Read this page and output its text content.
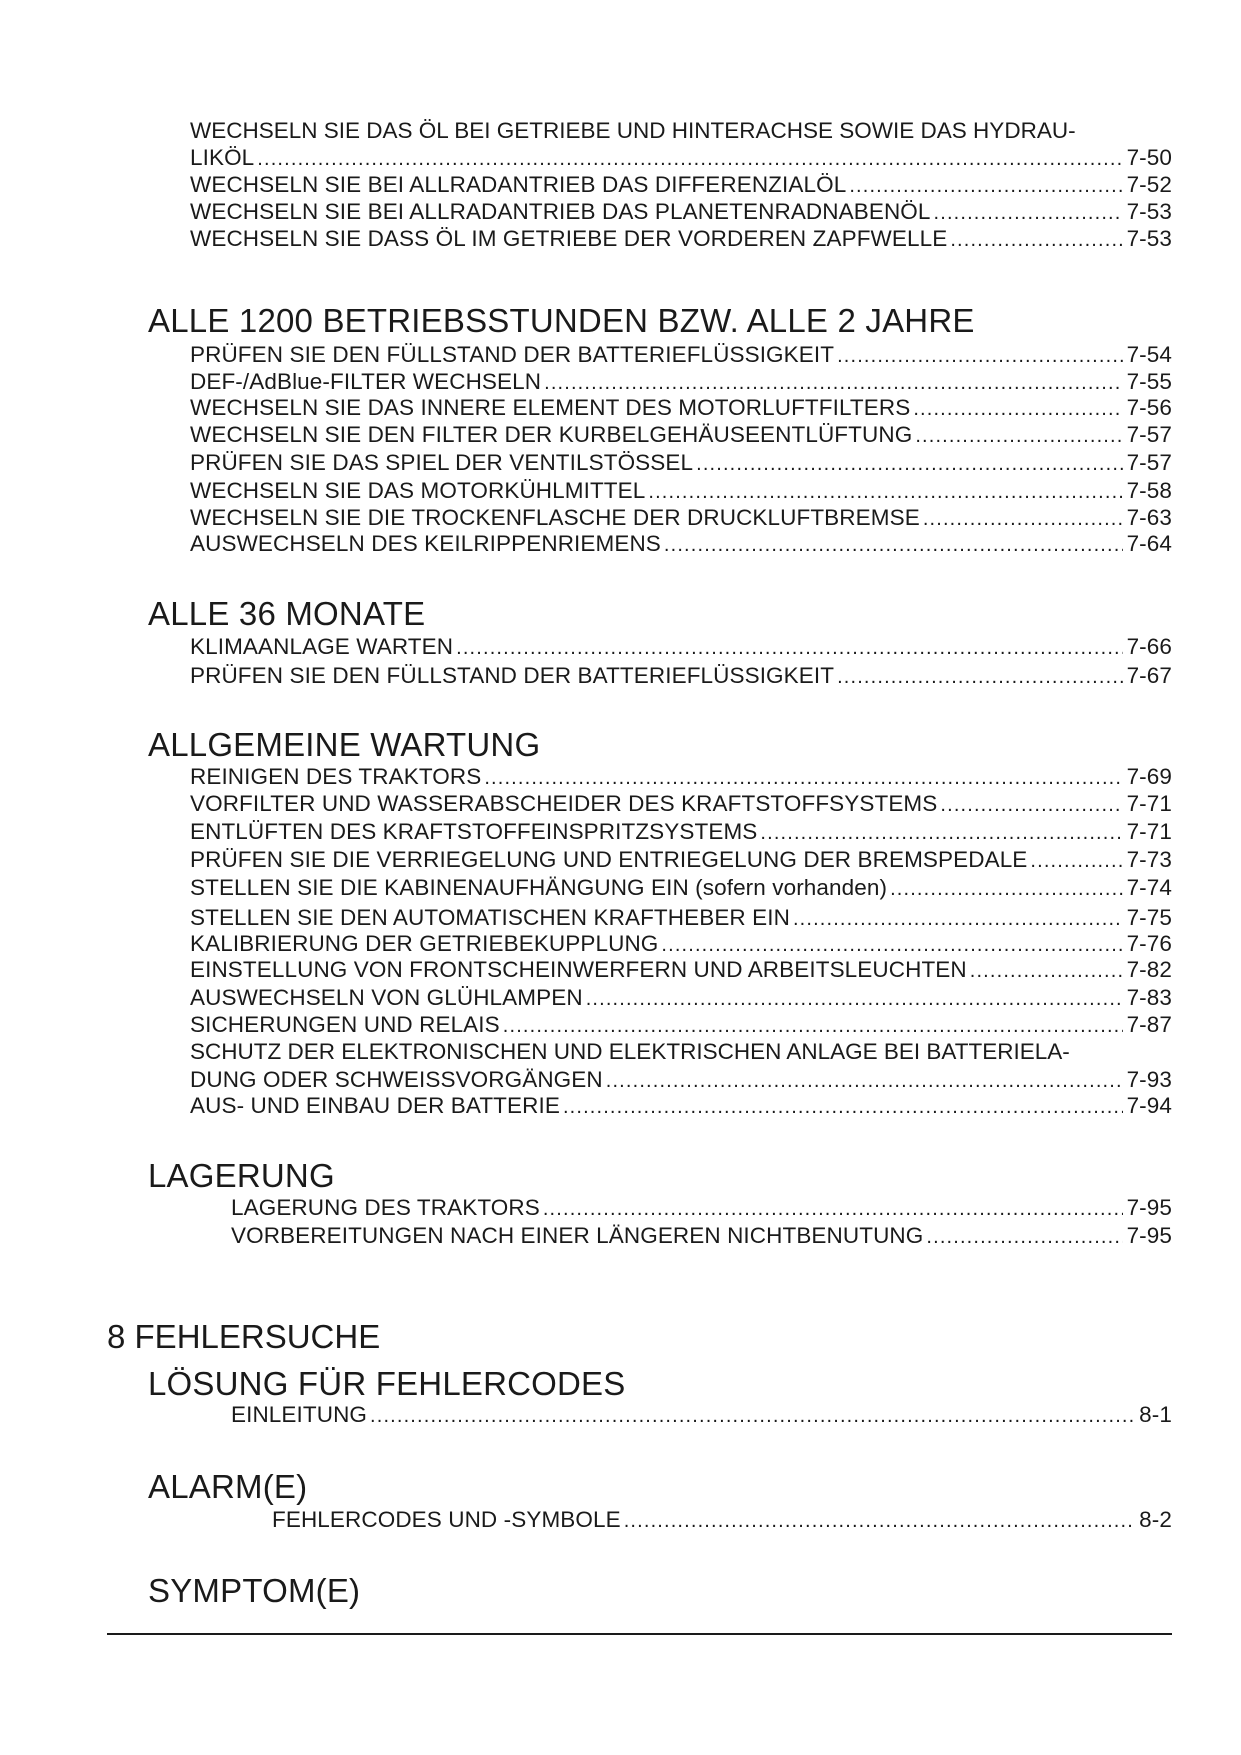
WECHSELN SIE DAS ÖL BEI GETRIEBE UND HINTERACHSE SOWIE DAS HYDRAU-
LIKÖL . . .	7-50
WECHSELN SIE BEI ALLRADANTRIEB DAS DIFFERENZIALÖL . . .	7-52
WECHSELN SIE BEI ALLRADANTRIEB DAS PLANETENRADNABENÖL . . .	7-53
WECHSELN SIE DASS ÖL IM GETRIEBE DER VORDEREN ZAPFWELLE . . .	7-53
ALLE 1200 BETRIEBSSTUNDEN BZW. ALLE 2 JAHRE
PRÜFEN SIE DEN FÜLLSTAND DER BATTERIEFLÜSSIGKEIT . . .	7-54
DEF-/AdBlue-FILTER WECHSELN . . .	7-55
WECHSELN SIE DAS INNERE ELEMENT DES MOTORLUFTFILTERS . . .	7-56
WECHSELN SIE DEN FILTER DER KURBELGEHÄUSEENTLÜFTUNG . . .	7-57
PRÜFEN SIE DAS SPIEL DER VENTILSTÖSSEL . . .	7-57
WECHSELN SIE DAS MOTORKÜHLMITTEL . . .	7-58
WECHSELN SIE DIE TROCKENFLASCHE DER DRUCKLUFTBREMSE . . .	7-63
AUSWECHSELN DES KEILRIPPENRIEMENS . . .	7-64
ALLE 36 MONATE
KLIMAANLAGE WARTEN . . .	7-66
PRÜFEN SIE DEN FÜLLSTAND DER BATTERIEFLÜSSIGKEIT . . .	7-67
ALLGEMEINE WARTUNG
REINIGEN DES TRAKTORS . . .	7-69
VORFILTER UND WASSERABSCHEIDER DES KRAFTSTOFFSYSTEMS . . .	7-71
ENTLÜFTEN DES KRAFTSTOFFEINSPRITZSYSTEMS . . .	7-71
PRÜFEN SIE DIE VERRIEGELUNG UND ENTRIEGELUNG DER BREMSPEDALE . . .	7-73
STELLEN SIE DIE KABINENAUFHÄNGUNG EIN (sofern vorhanden) . . .	7-74
STELLEN SIE DEN AUTOMATISCHEN KRAFTHEBER EIN . . .	7-75
KALIBRIERUNG DER GETRIEBEKUPPLUNG . . .	7-76
EINSTELLUNG VON FRONTSCHEINWERFERN UND ARBEITSLEUCHTEN . . .	7-82
AUSWECHSELN VON GLÜHLAMPEN . . .	7-83
SICHERUNGEN UND RELAIS . . .	7-87
SCHUTZ DER ELEKTRONISCHEN UND ELEKTRISCHEN ANLAGE BEI BATTERIELA-
DUNG ODER SCHWEISSVORGÄNGEN . . .	7-93
AUS- UND EINBAU DER BATTERIE . . .	7-94
LAGERUNG
LAGERUNG DES TRAKTORS . . .	7-95
VORBEREITUNGEN NACH EINER LÄNGEREN NICHTBENUTUNG . . .	7-95
8 FEHLERSUCHE
LÖSUNG FÜR FEHLERCODES
EINLEITUNG . . .	8-1
ALARM(E)
FEHLERCODES UND -SYMBOLE . . .	8-2
SYMPTOM(E)
